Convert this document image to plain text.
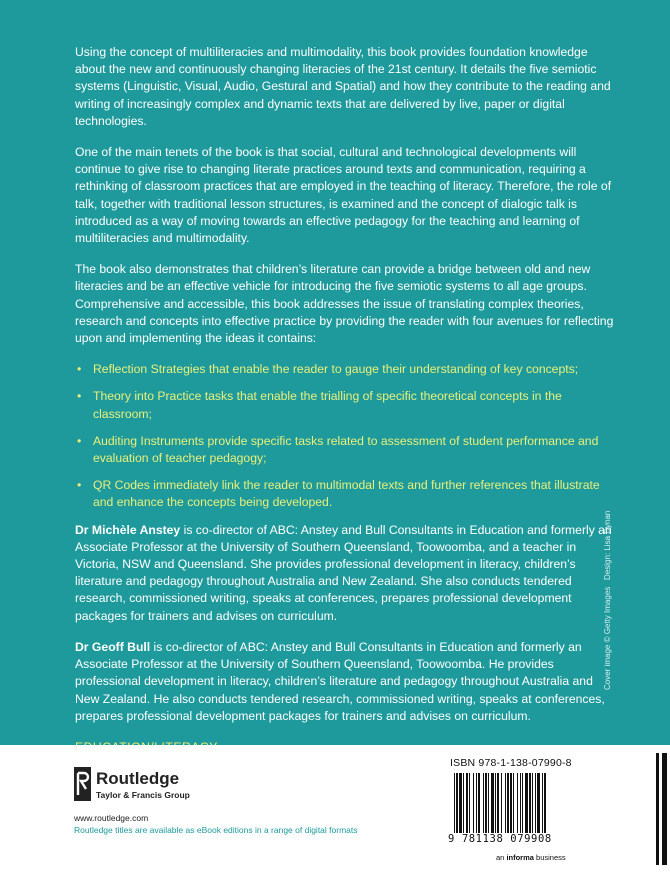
Using the concept of multiliteracies and multimodality, this book provides foundation knowledge about the new and continuously changing literacies of the 21st century. It details the five semiotic systems (Linguistic, Visual, Audio, Gestural and Spatial) and how they contribute to the reading and writing of increasingly complex and dynamic texts that are delivered by live, paper or digital technologies.

One of the main tenets of the book is that social, cultural and technological developments will continue to give rise to changing literate practices around texts and communication, requiring a rethinking of classroom practices that are employed in the teaching of literacy. Therefore, the role of talk, together with traditional lesson structures, is examined and the concept of dialogic talk is introduced as a way of moving towards an effective pedagogy for the teaching and learning of multiliteracies and multimodality.

The book also demonstrates that children’s literature can provide a bridge between old and new literacies and be an effective vehicle for introducing the five semiotic systems to all age groups. Comprehensive and accessible, this book addresses the issue of translating complex theories, research and concepts into effective practice by providing the reader with four avenues for reflecting upon and implementing the ideas it contains:

• Reflection Strategies that enable the reader to gauge their understanding of key concepts;
• Theory into Practice tasks that enable the trialling of specific theoretical concepts in the classroom;
• Auditing Instruments provide specific tasks related to assessment of student performance and evaluation of teacher pedagogy;
• QR Codes immediately link the reader to multimodal texts and further references that illustrate and enhance the concepts being developed.

Dr Michèle Anstey is co-director of ABC: Anstey and Bull Consultants in Education and formerly an Associate Professor at the University of Southern Queensland, Toowoomba, and a teacher in Victoria, NSW and Queensland. She provides professional development in literacy, children’s literature and pedagogy throughout Australia and New Zealand. She also conducts tendered research, commissioned writing, speaks at conferences, prepares professional development packages for trainers and advises on curriculum.

Dr Geoff Bull is co-director of ABC: Anstey and Bull Consultants in Education and formerly an Associate Professor at the University of Southern Queensland, Toowoomba. He provides professional development in literacy, children’s literature and pedagogy throughout Australia and New Zealand. He also conducts tendered research, commissioned writing, speaks at conferences, prepares professional development packages for trainers and advises on curriculum.

Cover image © Getty Images
Design: Lisa Dynan
Routledge
Taylor & Francis Group
www.routledge.com
Routledge titles are available as eBook editions in a range of digital formats
ISBN 978-1-138-07990-8
9 781138 079908
an informa business
